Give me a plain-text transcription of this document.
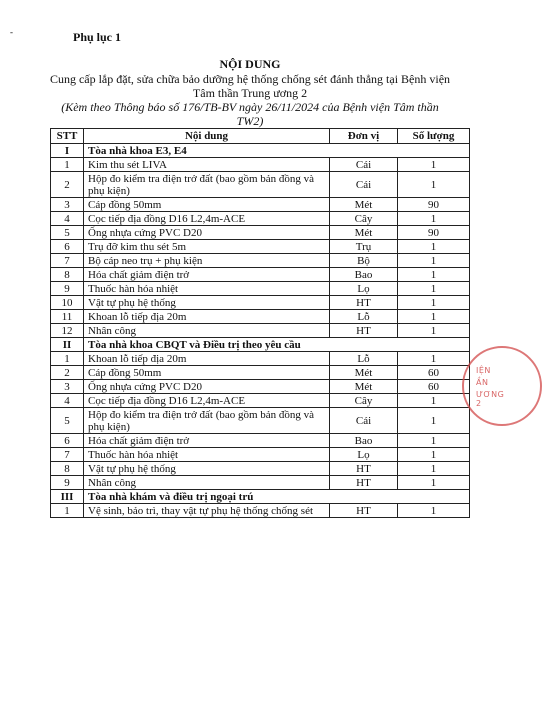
-	Phụ lục 1
NỘI DUNG
Cung cấp lắp đặt, sửa chữa bảo dưỡng hệ thống chống sét đánh thẳng tại Bệnh viện
Tâm thần Trung ương 2
(Kèm theo Thông báo số 176/TB-BV ngày 26/11/2024 của Bệnh viện Tâm thần
TW2)
STT	Nội dung	Đơn vị	Số lượng
I	Tòa nhà khoa E3, E4		
1	Kim thu sét LIVA	Cái	1
2	Hộp đo kiểm tra điện trở đất (bao gồm bản đồng và phụ kiện)	Cái	1
3	Cáp đồng 50mm	Mét	90
4	Cọc tiếp địa đồng D16 L2,4m-ACE	Cây	1
5	Ống nhựa cứng PVC D20	Mét	90
6	Trụ đỡ kim thu sét 5m	Trụ	1
7	Bộ cáp neo trụ + phụ kiện	Bộ	1
8	Hóa chất giảm điện trở	Bao	1
9	Thuốc hàn hóa nhiệt	Lọ	1
10	Vật tự phụ hệ thống	HT	1
11	Khoan lỗ tiếp địa 20m	Lỗ	1
12	Nhân công	HT	1
II	Tòa nhà khoa CBQT và Điều trị theo yêu cầu		
1	Khoan lỗ tiếp địa 20m	Lỗ	1
2	Cáp đồng 50mm	Mét	60
3	Ống nhựa cứng PVC D20	Mét	60
4	Cọc tiếp địa đồng D16 L2,4m-ACE	Cây	1
5	Hộp đo kiểm tra điện trở đất (bao gồm bản đồng và phụ kiện)	Cái	1
6	Hóa chất giảm điện trở	Bao	1
7	Thuốc hàn hóa nhiệt	Lọ	1
8	Vật tự phụ hệ thống	HT	1
9	Nhân công	HT	1
III	Tòa nhà khám và điều trị ngoại trú		
1	Vệ sinh, bảo trì, thay vật tự phụ hệ thống chống sét	HT	1
IỆN
ẦN
ƯƠNG 2
